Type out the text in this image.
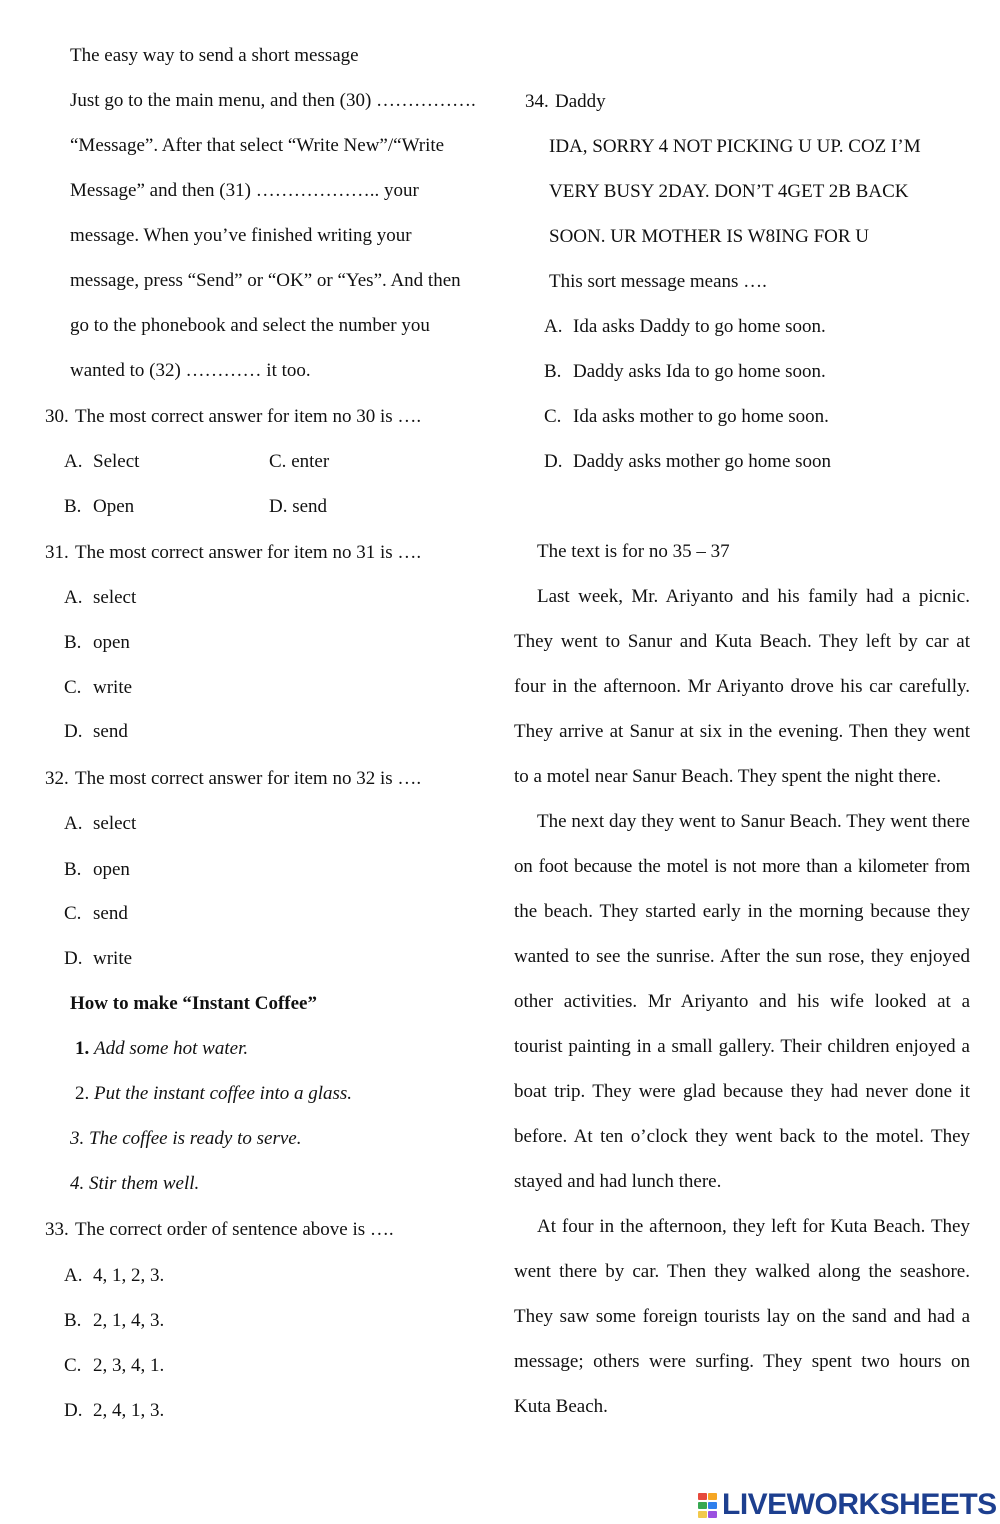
The easy way to send a short message
Just go to the main menu, and then (30) …………….
“Message”. After that select “Write New”/“Write
Message” and then (31) ……………….. your
message. When you’ve finished writing your
message, press “Send” or “OK” or “Yes”. And then
go to the phonebook and select the number you
wanted to (32) ………… it too.
30. The most correct answer for item no 30 is ….
A. Select	C. enter
B. Open	D. send
31. The most correct answer for item no 31 is ….
A. select
B. open
C. write
D. send
32. The most correct answer for item no 32 is ….
A. select
B. open
C. send
D. write
How to make “Instant Coffee”
1. Add some hot water.
2. Put the instant coffee into a glass.
3. The coffee is ready to serve.
4. Stir them well.
33. The correct order of sentence above is ….
A. 4, 1, 2, 3.
B. 2, 1, 4, 3.
C. 2, 3, 4, 1.
D. 2, 4, 1, 3.
34. Daddy
IDA, SORRY 4 NOT PICKING U UP. COZ I’M
VERY BUSY 2DAY. DON’T 4GET 2B BACK
SOON. UR MOTHER IS W8ING FOR U
This sort message means ….
A. Ida asks Daddy to go home soon.
B. Daddy asks Ida to go home soon.
C. Ida asks mother to go home soon.
D. Daddy asks mother go home soon
The text is for no 35 – 37
Last week, Mr. Ariyanto and his family had a picnic.
They went to Sanur and Kuta Beach. They left by car at
four in the afternoon. Mr Ariyanto drove his car carefully.
They arrive at Sanur at six in the evening. Then they went
to a motel near Sanur Beach. They spent the night there.
The next day they went to Sanur Beach. They went there
on foot because the motel is not more than a kilometer from
the beach. They started early in the morning because they
wanted to see the sunrise. After the sun rose, they enjoyed
other activities. Mr Ariyanto and his wife looked at a
tourist painting in a small gallery. Their children enjoyed a
boat trip. They were glad because they had never done it
before. At ten o’clock they went back to the motel. They
stayed and had lunch there.
At four in the afternoon, they left for Kuta Beach. They
went there by car. Then they walked along the seashore.
They saw some foreign tourists lay on the sand and had a
message; others were surfing. They spent two hours on
Kuta Beach.
LIVEWORKSHEETS
